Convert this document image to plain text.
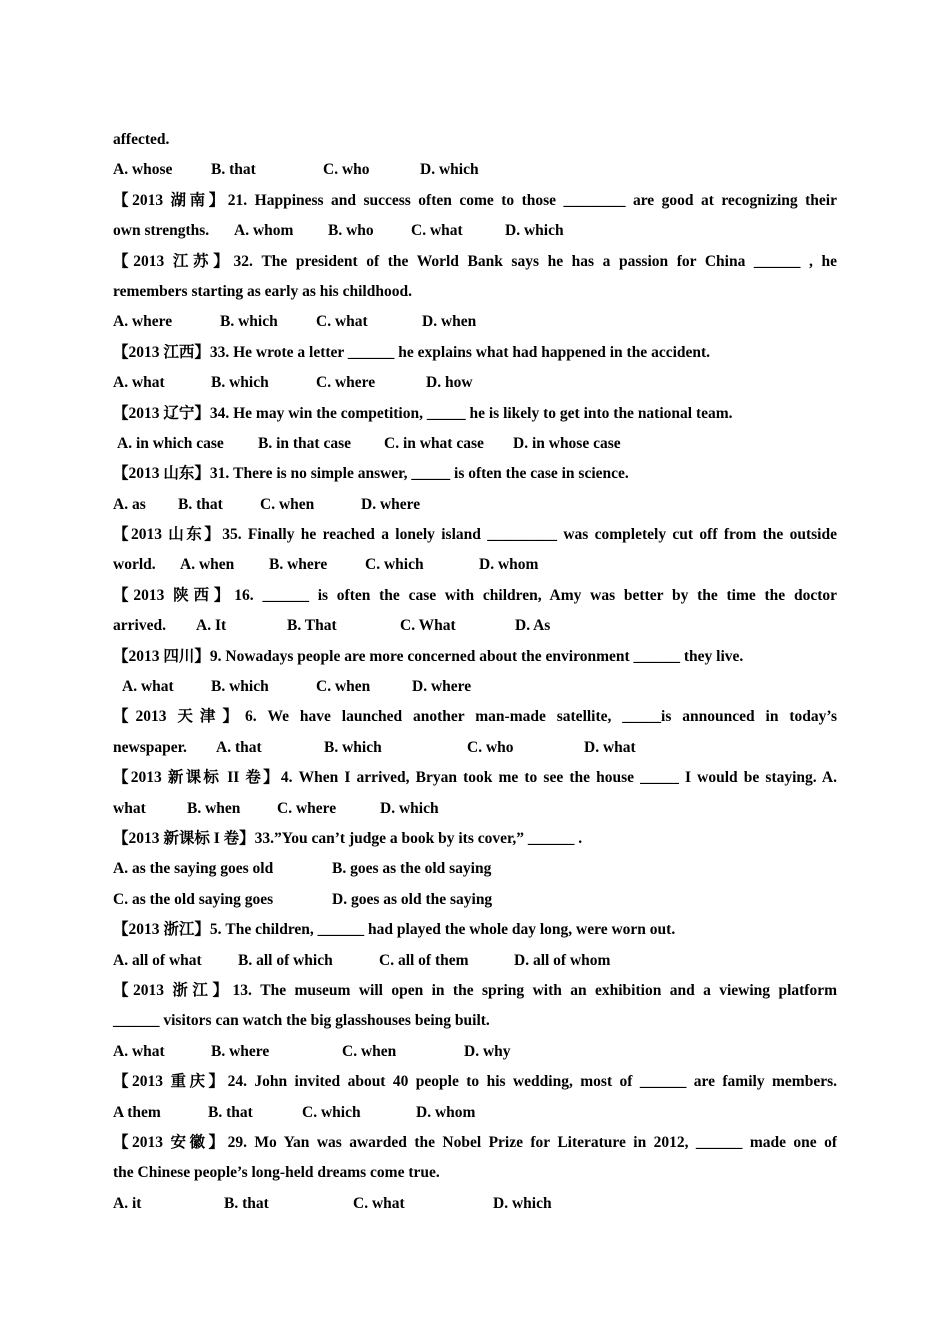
affected.
A. whose B. that	C. who	D. which
【2013 湖南】21. Happiness and success often come to those ________ are good at recognizing their
own strengths. A. whom B. who C. what	D. which
【2013 江苏】32. The president of the World Bank says he has a passion for China ______ , he
remembers starting as early as his childhood.
A. where	B. which C. what	D. when
【2013 江西】33. He wrote a letter ______ he explains what had happened in the accident.
A. what	B. which	C. where	D. how
【2013 辽宁】34. He may win the competition, _____ he is likely to get into the national team.
A. in which case B. in that case C. in what case D. in whose case
【2013 山东】31. There is no simple answer, _____ is often the case in science.
A. as B. that C. when	D. where
【2013 山东】35. Finally he reached a lonely island _________ was completely cut off from the outside
world. A. when B. where C. which	D. whom
【2013 陕西】16. ______ is often the case with children, Amy was better by the time the doctor
arrived. A. It	B. That	C. What	D. As
【2013 四川】9. Nowadays people are more concerned about the environment ______ they live.
A. what B. which	C. when	D. where
【2013 天津】6. We have launched another man-made satellite, _____is announced in today’s
newspaper. A. that	B. which	C. who	D. what
【2013 新课标 II 卷】4. When I arrived, Bryan took me to see the house _____ I would be staying. A.
what	B. when C. where	D. which
【2013 新课标 I 卷】33.”You can’t judge a book by its cover,” ______ .
A. as the saying goes old	B. goes as the old saying
C. as the old saying goes	D. goes as old the saying
【2013 浙江】5. The children, ______ had played the whole day long, were worn out.
A. all of what B. all of which	C. all of them	D. all of whom
【2013 浙江】13. The museum will open in the spring with an exhibition and a viewing platform
______ visitors can watch the big glasshouses being built.
A. what	B. where	C. when	D. why
【2013 重庆】24. John invited about 40 people to his wedding, most of ______ are family members.
A them	B. that	C. which	D. whom
【2013 安徽】29. Mo Yan was awarded the Nobel Prize for Literature in 2012, ______ made one of
the Chinese people’s long-held dreams come true.
A. it	B. that	C. what	D. which
